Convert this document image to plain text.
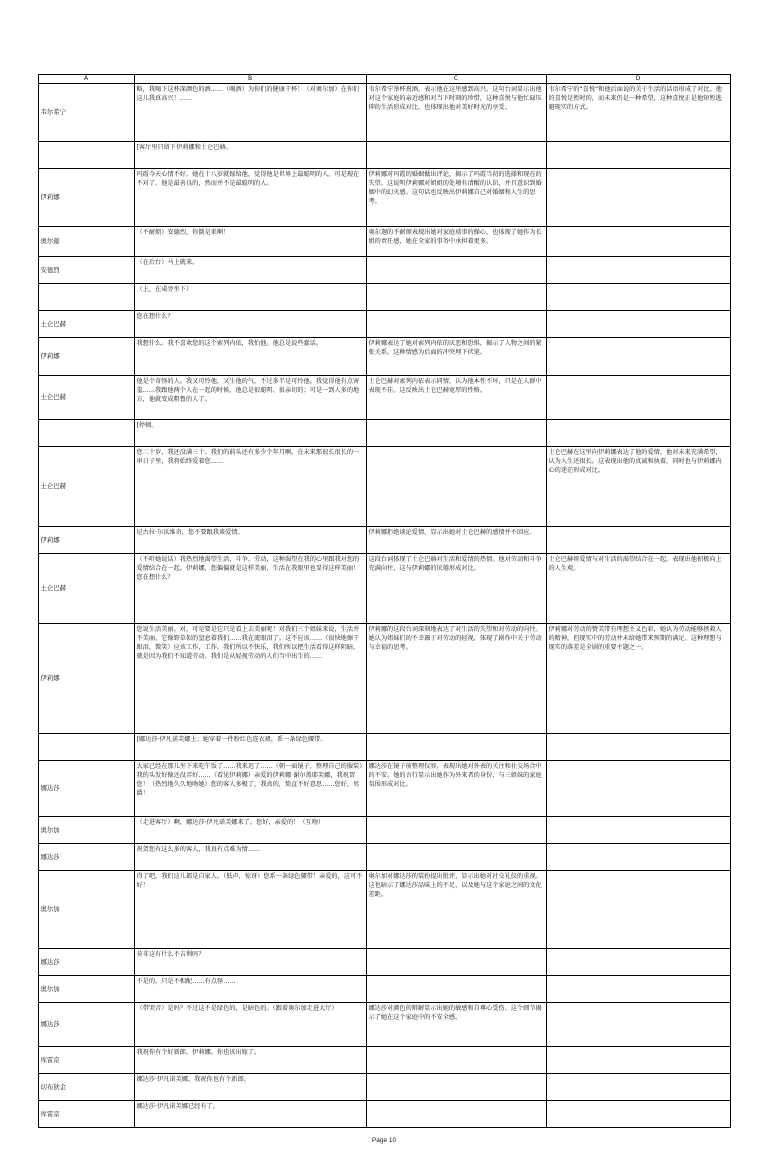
	A	B	C	D
	韦尔希宁	略，我喝下这杯深颜色的酒……（喝酒）为你们的健康干杯！（对奥尔加）在你们这儿我真高兴！……	韦尔希宁举杯祝酒，表示他在这里感到高兴。这句台词显示出他对这个家庭的亲近感和对当下时刻的珍惜，这种喜悦与他忙碌压抑的生活形成对比，也体现出他对美好时光的享受。	韦尔希宁的“喜悦”和他后面说的关于生活的话语形成了对比。他的喜悦是暂时的，而未来仍是一种希望，这种喜悦正是他短暂逃避现实的方式。
		[客厅里只留下伊莉娜和土仑巴赫。		
	伊莉娜	玛霞今天心情不好。她在十八岁就嫁给他，觉得他是世界上最聪明的人。可是现在不对了。他是最善良的，然而并不是最聪明的人。	伊莉娜对玛霞的婚姻做出评论，揭示了玛霞当初的选择和现在的失望。这说明伊莉娜对姐姐的处境有清醒的认识，并且意识到婚姻中的幻灭感。这句话也反映出伊莉娜自己对婚姻和人生的思考。	
	奥尔迦	（不耐烦）安德烈，你倒是来啊！	奥尔迦的不耐烦表现出她对家庭琐事的操心，也体现了她作为长姐的责任感，她在全家的事务中承担着更多。	
	安德烈	（在后台）马上就来。		
		（上，在桌旁坐下）		
	土仑巴赫	您在想什么？		
	伊莉娜	我想什么。我不喜欢您的这个索列内依，我怕他。他总是说些蠢话。	伊莉娜表达了她对索列内依的厌恶和恐惧，揭示了人物之间的紧张关系。这种情感为后面的冲突埋下伏笔。	
	土仑巴赫	他是个奇怪的人。我又可怜他，又生他的气，不过多半是可怜他。我觉得他有点害羞……我跟他两个人在一起的时候，他总是很聪明、很亲切的；可是一到人多的地方，他就变成粗鲁的人了。	土仑巴赫对索列内依表示同情，认为他本性不坏，只是在人群中表现不佳。这反映出土仑巴赫宽厚的性格。	
		[停顿。		
	土仑巴赫	您二十岁，我还没满三十。我们的前头还有多少个年月啊，在未来那很长很长的一串日子里，我将始终爱着您……		土仑巴赫在这里向伊莉娜表达了他的爱情，他对未来充满希望，认为人生还很长。这表现出他的真诚和执着，同时也与伊莉娜内心的迷茫形成对比。
	伊莉娜	尼古拉·尔沃维奇，您不要跟我谈爱情。	伊莉娜拒绝谈论爱情，显示出她对土仑巴赫的感情并不回应。	
	土仑巴赫	（不听她说话）我热烈地渴望生活、斗争、劳动，这种渴望在我的心里跟我对您的爱情结合在一起。伊莉娜，您偏偏就是这样美丽，生活在我眼里也显得这样美丽！您在想什么？	这段台词体现了土仑巴赫对生活和爱情的热情。他对劳动和斗争充满向往，这与伊莉娜的厌倦形成对比。	土仑巴赫将爱情与对生活的渴望结合在一起，表现出他积极向上的人生观。
	伊莉娜	您说生活美丽。对，可是要是它只是看上去美丽呢！对我们三个姐妹来说，生活并不美丽，它像野草似的窒息着我们……我在流眼泪了。这不应该……（很快地擦干眼泪，微笑）应该工作，工作。我们所以不快乐，我们所以把生活看得这样阴暗，就是因为我们不知道劳动。我们是从轻视劳动的人们当中出生的……	伊莉娜的这段台词深刻地表达了对生活的失望和对劳动的向往。她认为姐妹们的不幸源于对劳动的轻视，体现了剧作中关于劳动与幸福的思考。	伊莉娜对劳动的赞美带有理想主义色彩，她认为劳动能够拯救人的精神，但现实中的劳动并未给她带来预期的满足。这种理想与现实的落差是全剧的重要主题之一。
		[娜达莎·伊凡诺芙娜上；她穿着一件粉红色连衣裙，系一条绿色腰带。		
	娜达莎	大家已经在那儿坐下来吃午饭了……我来迟了……（朝一面镜子，整理自己的服装）我的头发好像还没弄好……（看见伊莉娜）亲爱的伊莉娜·谢尔盖耶芙娜，我祝贺您！（热烈地久久地吻她）您的客人多极了，我真的，简直不好意思……您好，男爵！	娜达莎在镜子前整理仪容，表现出她对外表的关注和社交场合中的不安。她的言行显示出她作为外来者的身份，与三姐妹的家庭氛围形成对比。	
	奥尔加	（走进客厅）啊，娜达莎·伊凡诺芙娜来了。您好，亲爱的！（互吻）		
	娜达莎	祝贺您有这么多的客人，我真有点难为情……		
	奥尔加	得了吧，我们这儿都是自家人。（低声，惊讶）您系一条绿色腰带！亲爱的，这可不好！	奥尔加对娜达莎的装扮提出批评，显示出她对社交礼仪的重视。这也暗示了娜达莎品味上的不足，以及她与这个家庭之间的文化差距。	
	娜达莎	莫非这有什么不吉利吗？		
	奥尔加	不是的，只是不相配……有点怪……		
	娜达莎	（带哭音）是吗？不过这不是绿色的，是暗色的。（跟着奥尔加走进大厅）	娜达莎对颜色的辩解显示出她的敏感和自尊心受伤。这个细节揭示了她在这个家庭中的不安全感。	
	库雷京	我祝你有个好新郎，伊莉娜。你也该出嫁了。		
	切布狄金	娜达莎·伊凡诺芙娜，我祝你也有个新郎。		
	库雷京	娜达莎·伊凡诺芙娜已经有了。		
Page 10
